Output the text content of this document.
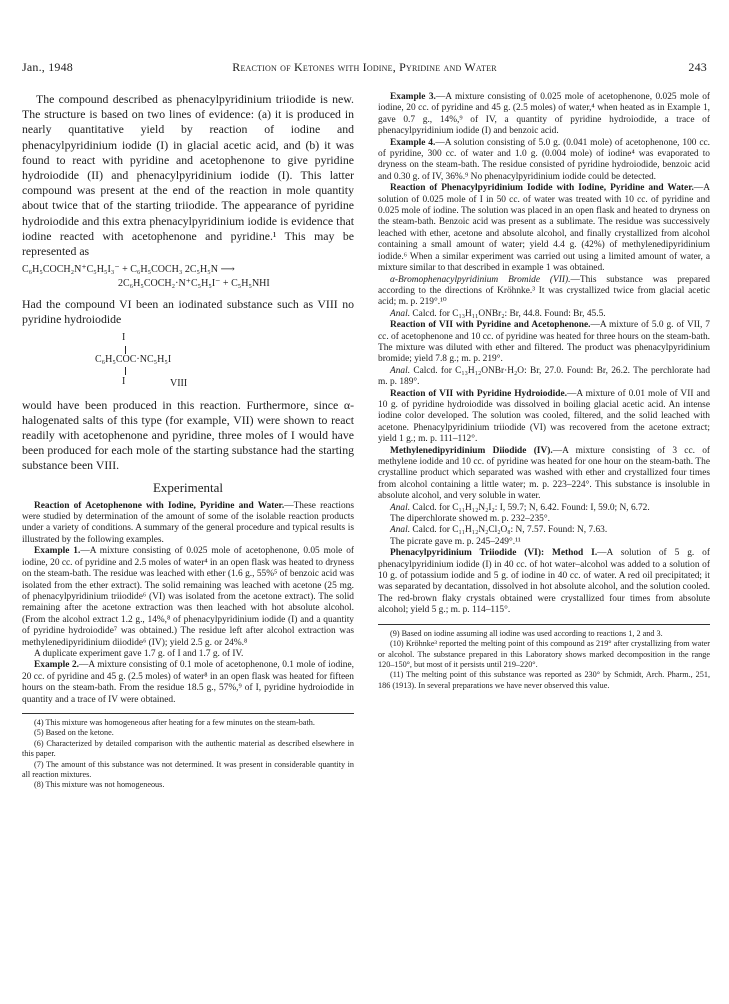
Jan., 1948	Reaction of Ketones with Iodine, Pyridine and Water	243

The compound described as phenacylpyridinium triiodide is new. The structure is based on two lines of evidence: (a) it is produced in nearly quantitative yield by reaction of iodine and phenacylpyridinium iodide (I) in glacial acetic acid, and (b) it was found to react with pyridine and acetophenone to give pyridine hydroiodide (II) and phenacylpyridinium iodide (I). This latter compound was present at the end of the reaction in mole quantity about twice that of the starting triiodide. The appearance of pyridine hydroiodide and this extra phenacylpyridinium iodide is evidence that iodine reacted with acetophenone and pyridine.¹ This may be represented as

C₆H₅COCH₂N⁺C₅H₅I₃⁻ + C₆H₅COCH₃ 2C₅H₅N ⟶
2C₆H₅COCH₂·N⁺C₅H₅I⁻ + C₅H₅NHI

Had the compound VI been an iodinated substance such as VIII no pyridine hydroiodide

I
C₆H₅COC·NC₅H₅I
I	VIII

would have been produced in this reaction. Furthermore, since α-halogenated salts of this type (for example, VII) were shown to react readily with acetophenone and pyridine, three moles of I would have been produced for each mole of the starting substance had the starting substance been VIII.

Experimental

Reaction of Acetophenone with Iodine, Pyridine and Water.—These reactions were studied by determination of the amount of some of the isolable reaction products under a variety of conditions. A summary of the general procedure and typical results is illustrated by the following examples.

Example 1.—A mixture consisting of 0.025 mole of acetophenone, 0.05 mole of iodine, 20 cc. of pyridine and 2.5 moles of water⁴ in an open flask was heated to dryness on the steam-bath. The residue was leached with ether (1.6 g., 55%⁵ of benzoic acid was isolated from the ether extract). The solid remaining was leached with acetone (25 mg. of phenacylpyridinium triiodide⁶ (VI) was isolated from the acetone extract). The solid remaining after the acetone extraction was then leached with hot absolute alcohol. (From the alcohol extract 1.2 g., 14%,⁸ of phenacylpyridinium iodide (I) and a quantity of pyridine hydroiodide⁷ was obtained.) The residue left after alcohol extraction was methylenedipyridinium diiodide⁶ (IV); yield 2.5 g. or 24%.⁸

A duplicate experiment gave 1.7 g. of I and 1.7 g. of IV.

Example 2.—A mixture consisting of 0.1 mole of acetophenone, 0.1 mole of iodine, 20 cc. of pyridine and 45 g. (2.5 moles) of water⁸ in an open flask was heated for fifteen hours on the steam-bath. From the residue 18.5 g., 57%,⁹ of I, pyridine hydroiodide in quantity and a trace of IV were obtained.

(4) This mixture was homogeneous after heating for a few minutes on the steam-bath.

(5) Based on the ketone.

(6) Characterized by detailed comparison with the authentic material as described elsewhere in this paper.

(7) The amount of this substance was not determined. It was present in considerable quantity in all reaction mixtures.

(8) This mixture was not homogeneous.

Example 3.—A mixture consisting of 0.025 mole of acetophenone, 0.025 mole of iodine, 20 cc. of pyridine and 45 g. (2.5 moles) of water,⁴ when heated as in Example 1, gave 0.7 g., 14%,⁹ of IV, a quantity of pyridine hydroiodide, a trace of phenacylpyridinium iodide (I) and benzoic acid.

Example 4.—A solution consisting of 5.0 g. (0.041 mole) of acetophenone, 100 cc. of pyridine, 300 cc. of water and 1.0 g. (0.004 mole) of iodine⁴ was evaporated to dryness on the steam-bath. The residue consisted of pyridine hydroiodide, benzoic acid and 0.30 g. of IV, 36%.⁹ No phenacylpyridinium iodide could be detected.

Reaction of Phenacylpyridinium Iodide with Iodine, Pyridine and Water.—A solution of 0.025 mole of I in 50 cc. of water was treated with 10 cc. of pyridine and 0.025 mole of iodine. The solution was placed in an open flask and heated to dryness on the steam-bath. Benzoic acid was present as a sublimate. The residue was successively leached with ether, acetone and absolute alcohol, and finally crystallized from alcohol containing a small amount of water; yield 4.4 g. (42%) of methylenedipyridinium iodide.⁶ When a similar experiment was carried out using a limited amount of water, a mixture similar to that described in example 1 was obtained.

α-Bromophenacylpyridinium Bromide (VII).—This substance was prepared according to the directions of Kröhnke.³ It was crystallized twice from glacial acetic acid; m. p. 219°.¹⁰

Anal. Calcd. for C₁₃H₁₁ONBr₂: Br, 44.8. Found: Br, 45.5.

Reaction of VII with Pyridine and Acetophenone.—A mixture of 5.0 g. of VII, 7 cc. of acetophenone and 10 cc. of pyridine was heated for three hours on the steam-bath. The mixture was diluted with ether and filtered. The product was phenacylpyridinium bromide; yield 7.8 g.; m. p. 219°.

Anal. Calcd. for C₁₃H₁₂ONBr·H₂O: Br, 27.0. Found: Br, 26.2. The perchlorate had m. p. 189°.

Reaction of VII with Pyridine Hydroiodide.—A mixture of 0.01 mole of VII and 10 g. of pyridine hydroiodide was dissolved in boiling glacial acetic acid. An intense iodine color developed. The solution was cooled, filtered, and the solid leached with acetone. Phenacylpyridinium triiodide (VI) was recovered from the acetone extract; yield 1 g.; m. p. 111–112°.

Methylenedipyridinium Diiodide (IV).—A mixture consisting of 3 cc. of methylene iodide and 10 cc. of pyridine was heated for one hour on the steam-bath. The crystalline product which separated was washed with ether and crystallized four times from alcohol containing a little water; m. p. 223–224°. This substance is insoluble in absolute alcohol, and very soluble in water.

Anal. Calcd. for C₁₁H₁₂N₂I₂: I, 59.7; N, 6.42. Found: I, 59.0; N, 6.72.

The diperchlorate showed m. p. 232–235°.

Anal. Calcd. for C₁₁H₁₂N₂Cl₂O₈: N, 7.57. Found: N, 7.63.

The picrate gave m. p. 245–249°.¹¹

Phenacylpyridinium Triiodide (VI): Method I.—A solution of 5 g. of phenacylpyridinium iodide (I) in 40 cc. of hot water–alcohol was added to a solution of 10 g. of potassium iodide and 5 g. of iodine in 40 cc. of water. A red oil precipitated; it was separated by decantation, dissolved in hot absolute alcohol, and the solution cooled. The red-brown flaky crystals obtained were crystallized four times from absolute alcohol; yield 5 g.; m. p. 114–115°.

(9) Based on iodine assuming all iodine was used according to reactions 1, 2 and 3.

(10) Kröhnke³ reported the melting point of this compound as 219° after crystallizing from water or alcohol. The substance prepared in this Laboratory shows marked decomposition in the range 120–150°, but most of it persists until 219–220°.

(11) The melting point of this substance was reported as 230° by Schmidt, Arch. Pharm., 251, 186 (1913). In several preparations we have never observed this value.
